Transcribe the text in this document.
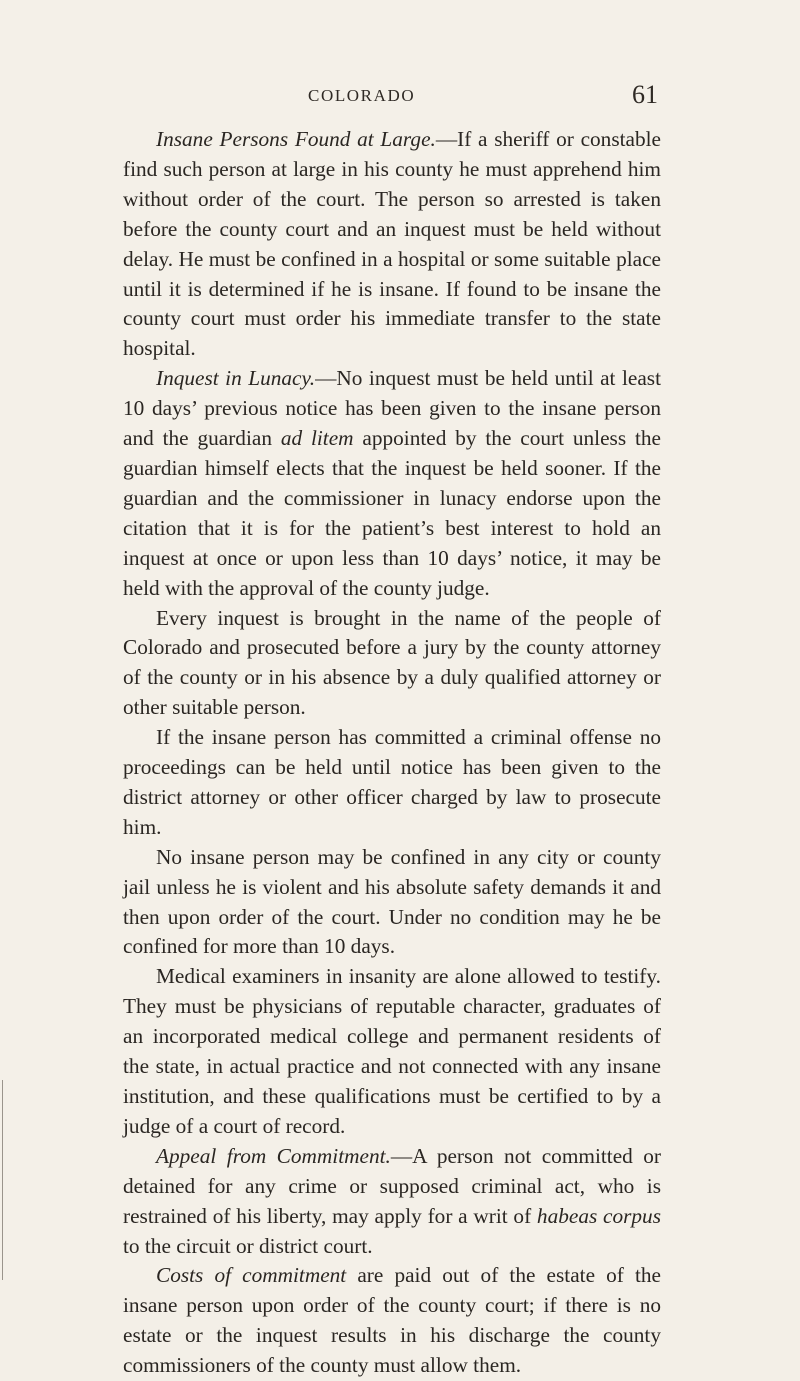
COLORADO	61

Insane Persons Found at Large.—If a sheriff or constable find such person at large in his county he must apprehend him without order of the court. The person so arrested is taken before the county court and an inquest must be held without delay. He must be confined in a hospital or some suitable place until it is determined if he is insane. If found to be insane the county court must order his immediate transfer to the state hospital.

Inquest in Lunacy.—No inquest must be held until at least 10 days’ previous notice has been given to the insane person and the guardian ad litem appointed by the court unless the guardian himself elects that the inquest be held sooner. If the guardian and the commissioner in lunacy endorse upon the citation that it is for the patient’s best interest to hold an inquest at once or upon less than 10 days’ notice, it may be held with the approval of the county judge.

Every inquest is brought in the name of the people of Colorado and prosecuted before a jury by the county attorney of the county or in his absence by a duly qualified attorney or other suitable person.

If the insane person has committed a criminal offense no proceedings can be held until notice has been given to the district attorney or other officer charged by law to prosecute him.

No insane person may be confined in any city or county jail unless he is violent and his absolute safety demands it and then upon order of the court. Under no condition may he be confined for more than 10 days.

Medical examiners in insanity are alone allowed to testify. They must be physicians of reputable character, graduates of an incorporated medical college and permanent residents of the state, in actual practice and not connected with any insane institution, and these qualifications must be certified to by a judge of a court of record.

Appeal from Commitment.—A person not committed or detained for any crime or supposed criminal act, who is restrained of his liberty, may apply for a writ of habeas corpus to the circuit or district court.

Costs of commitment are paid out of the estate of the insane person upon order of the county court; if there is no estate or the inquest results in his discharge the county commissioners of the county must allow them.
